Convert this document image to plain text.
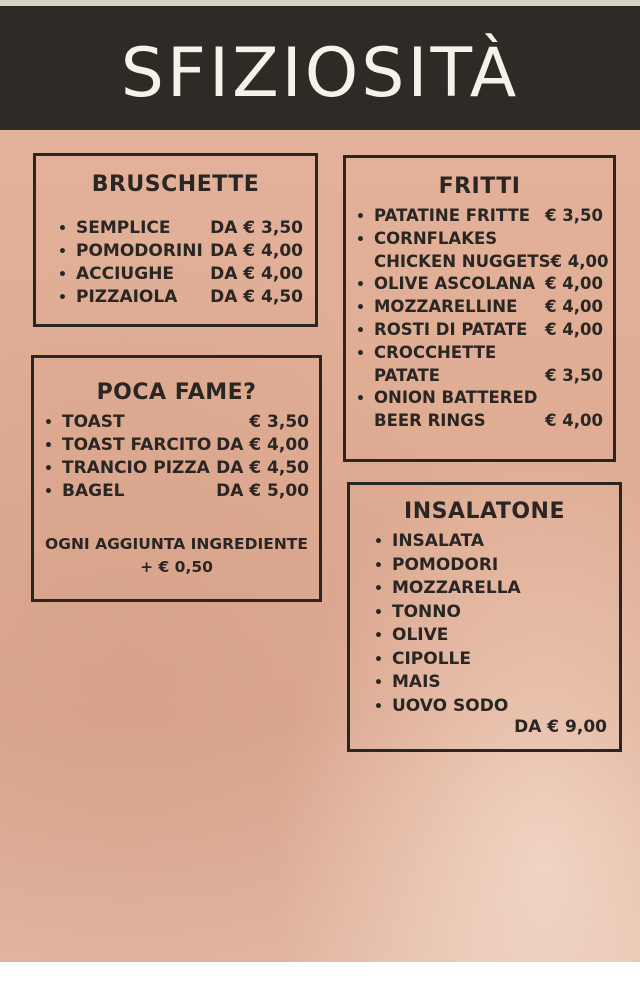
SFIZIOSITÀ
BRUSCHETTE
• SEMPLICE	DA € 3,50
• POMODORINI DA € 4,00
• ACCIUGHE	DA € 4,00
• PIZZAIOLA	DA € 4,50
FRITTI
• PATATINE FRITTE € 3,50
• CORNFLAKES
CHICKEN NUGGETS € 4,00
• OLIVE ASCOLANA € 4,00
• MOZZARELLINE	€ 4,00
• ROSTI DI PATATE	€ 4,00
• CROCCHETTE
PATATE	€ 3,50
• ONION BATTERED
BEER RINGS	€ 4,00
POCA FAME?
• TOAST	€ 3,50
• TOAST FARCITO DA € 4,00
• TRANCIO PIZZA DA € 4,50
• BAGEL	DA € 5,00
OGNI AGGIUNTA INGREDIENTE
+ € 0,50
INSALATONE
• INSALATA
• POMODORI
• MOZZARELLA
• TONNO
• OLIVE
• CIPOLLE
• MAIS
• UOVO SODO
DA € 9,00
